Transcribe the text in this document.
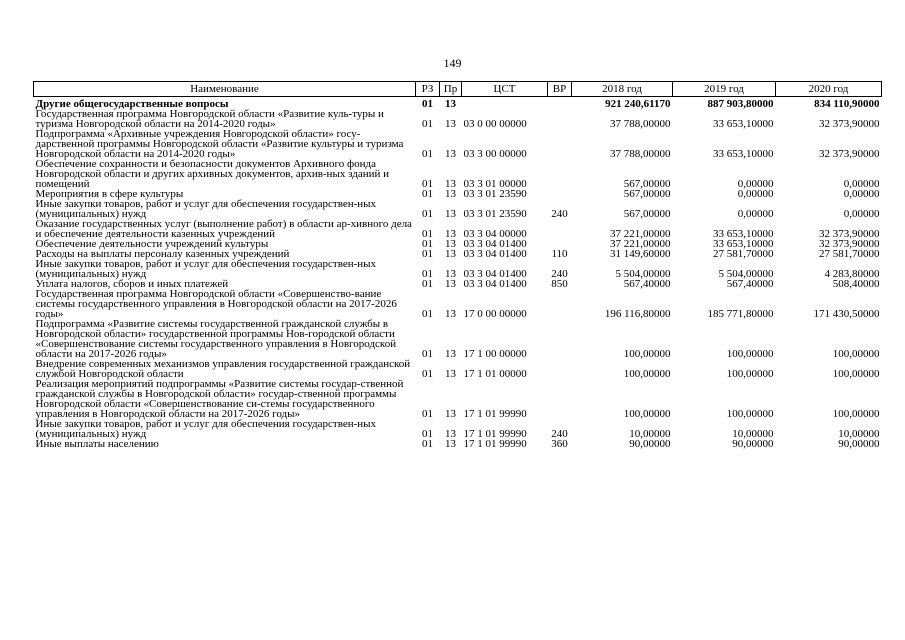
149
Наименование	РЗ	Пр	ЦСТ	ВР	2018 год	2019 год	2020 год
Другие общегосударственные вопросы	01	13			921 240,61170	887 903,80000	834 110,90000
Государственная программа Новгородской области «Развитие куль-туры и туризма Новгородской области на 2014-2020 годы»	01	13	03 0 00 00000		37 788,00000	33 653,10000	32 373,90000
Подпрограмма «Архивные учреждения Новгородской области» госу-дарственной программы Новгородской области «Развитие культуры и туризма Новгородской области на 2014-2020 годы»	01	13	03 3 00 00000		37 788,00000	33 653,10000	32 373,90000
Обеспечение сохранности и безопасности документов Архивного фонда Новгородской области и других архивных документов, архив-ных зданий и помещений	01	13	03 3 01 00000		567,00000	0,00000	0,00000
Мероприятия в сфере культуры	01	13	03 3 01 23590		567,00000	0,00000	0,00000
Иные закупки товаров, работ и услуг для обеспечения государствен-ных (муниципальных) нужд	01	13	03 3 01 23590	240	567,00000	0,00000	0,00000
Оказание государственных услуг (выполнение работ) в области ар-хивного дела и обеспечение деятельности казенных учреждений	01	13	03 3 04 00000		37 221,00000	33 653,10000	32 373,90000
Обеспечение деятельности учреждений культуры	01	13	03 3 04 01400		37 221,00000	33 653,10000	32 373,90000
Расходы на выплаты персоналу казенных учреждений	01	13	03 3 04 01400	110	31 149,60000	27 581,70000	27 581,70000
Иные закупки товаров, работ и услуг для обеспечения государствен-ных (муниципальных) нужд	01	13	03 3 04 01400	240	5 504,00000	5 504,00000	4 283,80000
Уплата налогов, сборов и иных платежей	01	13	03 3 04 01400	850	567,40000	567,40000	508,40000
Государственная программа Новгородской области «Совершенство-вание системы государственного управления в Новгородской области на 2017-2026 годы»	01	13	17 0 00 00000		196 116,80000	185 771,80000	171 430,50000
Подпрограмма «Развитие системы государственной гражданской службы в Новгородской области» государственной программы Нов-городской области «Совершенствование системы государственного управления в Новгородской области на 2017-2026 годы»	01	13	17 1 00 00000		100,00000	100,00000	100,00000
Внедрение современных механизмов управления государственной гражданской службой Новгородской области	01	13	17 1 01 00000		100,00000	100,00000	100,00000
Реализация мероприятий подпрограммы «Развитие системы государ-ственной гражданской службы в Новгородской области» государ-ственной программы Новгородской области «Совершенствование си-стемы государственного управления в Новгородской области на 2017-2026 годы»	01	13	17 1 01 99990		100,00000	100,00000	100,00000
Иные закупки товаров, работ и услуг для обеспечения государствен-ных (муниципальных) нужд	01	13	17 1 01 99990	240	10,00000	10,00000	10,00000
Иные выплаты населению	01	13	17 1 01 99990	360	90,00000	90,00000	90,00000
